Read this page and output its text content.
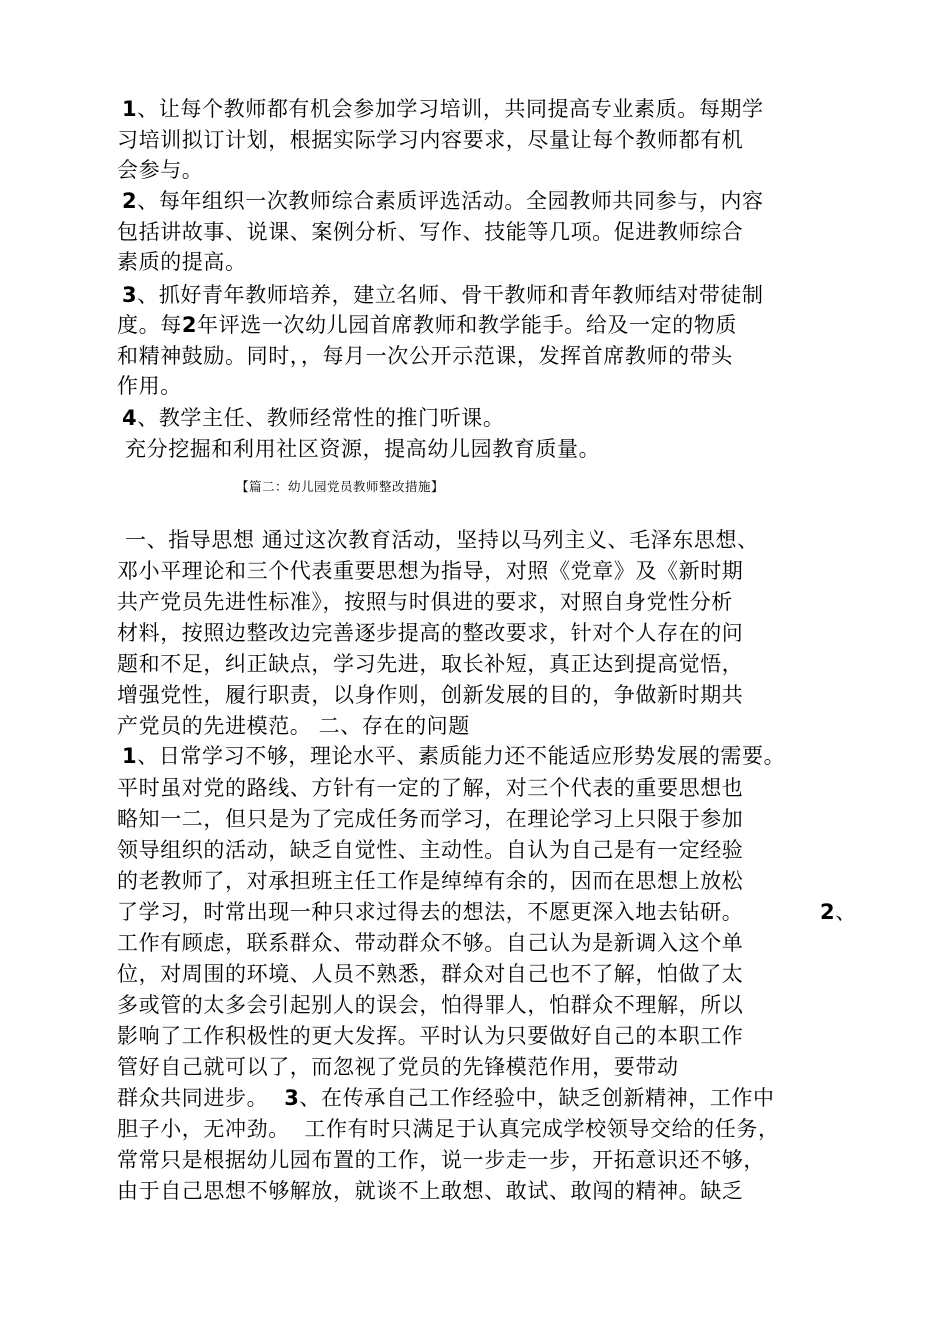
1、让每个教师都有机会参加学习培训，共同提高专业素质。每期学
习培训拟订计划，根据实际学习内容要求，尽量让每个教师都有机
会参与。
2、每年组织一次教师综合素质评选活动。全园教师共同参与，内容
包括讲故事、说课、案例分析、写作、技能等几项。促进教师综合
素质的提高。
3、抓好青年教师培养，建立名师、骨干教师和青年教师结对带徒制
度。每2年评选一次幼儿园首席教师和教学能手。给及一定的物质
和精神鼓励。同时，，每月一次公开示范课，发挥首席教师的带头
作用。
4、教学主任、教师经常性的推门听课。
充分挖掘和利用社区资源，提高幼儿园教育质量。
【篇二：幼儿园党员教师整改措施】
一、指导思想 通过这次教育活动，坚持以马列主义、毛泽东思想、
邓小平理论和三个代表重要思想为指导，对照《党章》及《新时期
共产党员先进性标准》，按照与时俱进的要求，对照自身党性分析
材料，按照边整改边完善逐步提高的整改要求，针对个人存在的问
题和不足，纠正缺点，学习先进，取长补短，真正达到提高觉悟，
增强党性，履行职责，以身作则，创新发展的目的，争做新时期共
产党员的先进模范。 二、存在的问题
1、日常学习不够，理论水平、素质能力还不能适应形势发展的需要。
平时虽对党的路线、方针有一定的了解，对三个代表的重要思想也
略知一二，但只是为了完成任务而学习，在理论学习上只限于参加
领导组织的活动，缺乏自觉性、主动性。自认为自己是有一定经验
的老教师了，对承担班主任工作是绰绰有余的，因而在思想上放松
了学习，时常出现一种只求过得去的想法，不愿更深入地去钻研。	2、
工作有顾虑，联系群众、带动群众不够。自己认为是新调入这个单
位，对周围的环境、人员不熟悉，群众对自己也不了解，怕做了太
多或管的太多会引起别人的误会，怕得罪人，怕群众不理解，所以
影响了工作积极性的更大发挥。平时认为只要做好自己的本职工作
管好自己就可以了，而忽视了党员的先锋模范作用，要带动
群众共同进步。 3、在传承自己工作经验中，缺乏创新精神，工作中
胆子小，无冲劲。  工作有时只满足于认真完成学校领导交给的任务，
常常只是根据幼儿园布置的工作，说一步走一步，开拓意识还不够，
由于自己思想不够解放，就谈不上敢想、敢试、敢闯的精神。缺乏
